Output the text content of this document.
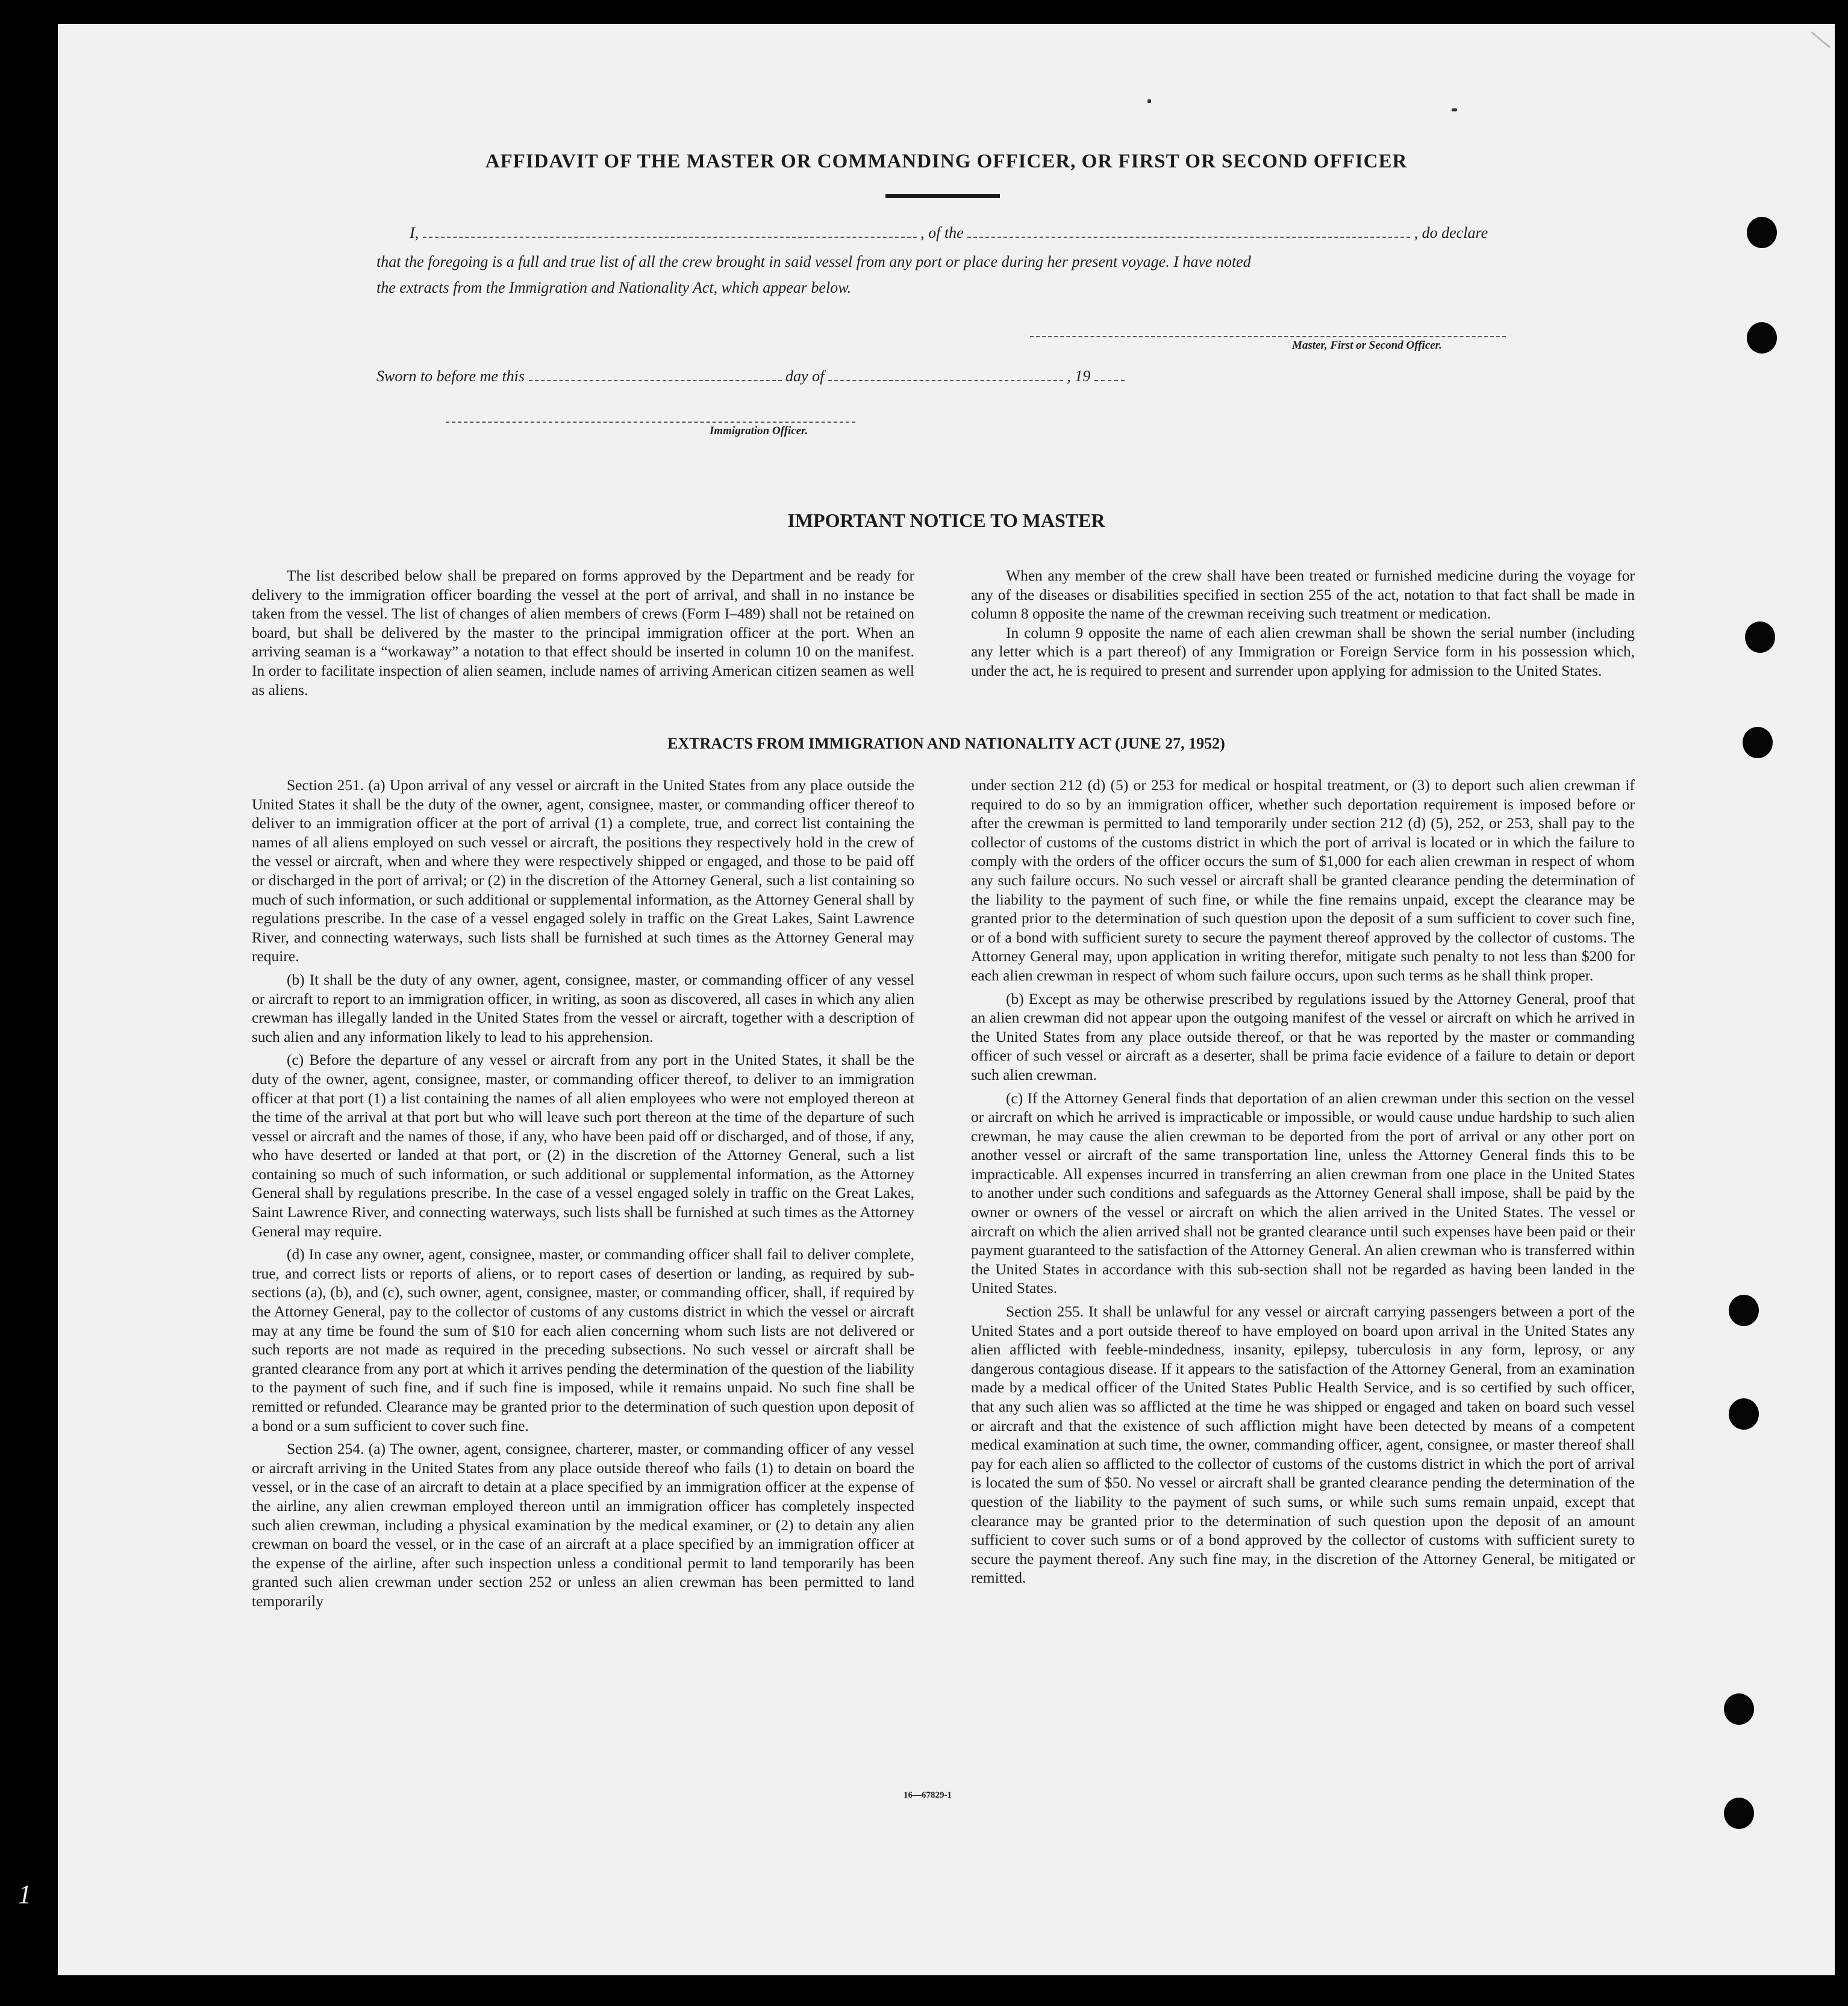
AFFIDAVIT OF THE MASTER OR COMMANDING OFFICER, OR FIRST OR SECOND OFFICER
I,	, of the	, do declare
that the foregoing is a full and true list of all the crew brought in said vessel from any port or place during her present voyage. I have noted
the extracts from the Immigration and Nationality Act, which appear below.
Master, First or Second Officer.
Sworn to before me this	day of	, 19
Immigration Officer.
IMPORTANT NOTICE TO MASTER

The list described below shall be prepared on forms approved by the Department and be ready for delivery to the immigration officer boarding the vessel at the port of arrival, and shall in no instance be taken from the vessel. The list of changes of alien members of crews (Form I–489) shall not be retained on board, but shall be delivered by the master to the principal immigration officer at the port. When an arriving seaman is a “workaway” a notation to that effect should be inserted in column 10 on the manifest. In order to facilitate inspection of alien seamen, include names of arriving American citizen seamen as well as aliens.

When any member of the crew shall have been treated or furnished medicine during the voyage for any of the diseases or disabilities specified in section 255 of the act, notation to that fact shall be made in column 8 opposite the name of the crewman receiving such treatment or medication.

In column 9 opposite the name of each alien crewman shall be shown the serial number (including any letter which is a part thereof) of any Immigration or Foreign Service form in his possession which, under the act, he is required to present and surrender upon applying for admission to the United States.

EXTRACTS FROM IMMIGRATION AND NATIONALITY ACT (JUNE 27, 1952)

Section 251. (a) Upon arrival of any vessel or aircraft in the United States from any place outside the United States it shall be the duty of the owner, agent, consignee, master, or commanding officer thereof to deliver to an immigration officer at the port of arrival (1) a complete, true, and correct list containing the names of all aliens employed on such vessel or aircraft, the positions they respectively hold in the crew of the vessel or aircraft, when and where they were respectively shipped or engaged, and those to be paid off or discharged in the port of arrival; or (2) in the discretion of the Attorney General, such a list containing so much of such information, or such additional or supplemental information, as the Attorney General shall by regulations prescribe. In the case of a vessel engaged solely in traffic on the Great Lakes, Saint Lawrence River, and connecting waterways, such lists shall be furnished at such times as the Attorney General may require.

(b) It shall be the duty of any owner, agent, consignee, master, or commanding officer of any vessel or aircraft to report to an immigration officer, in writing, as soon as discovered, all cases in which any alien crewman has illegally landed in the United States from the vessel or aircraft, together with a description of such alien and any information likely to lead to his apprehension.

(c) Before the departure of any vessel or aircraft from any port in the United States, it shall be the duty of the owner, agent, consignee, master, or commanding officer thereof, to deliver to an immigration officer at that port (1) a list containing the names of all alien employees who were not employed thereon at the time of the arrival at that port but who will leave such port thereon at the time of the departure of such vessel or aircraft and the names of those, if any, who have been paid off or discharged, and of those, if any, who have deserted or landed at that port, or (2) in the discretion of the Attorney General, such a list containing so much of such information, or such additional or supplemental information, as the Attorney General shall by regulations prescribe. In the case of a vessel engaged solely in traffic on the Great Lakes, Saint Lawrence River, and connecting waterways, such lists shall be furnished at such times as the Attorney General may require.

(d) In case any owner, agent, consignee, master, or commanding officer shall fail to deliver complete, true, and correct lists or reports of aliens, or to report cases of desertion or landing, as required by sub-sections (a), (b), and (c), such owner, agent, consignee, master, or commanding officer, shall, if required by the Attorney General, pay to the collector of customs of any customs district in which the vessel or aircraft may at any time be found the sum of $10 for each alien concerning whom such lists are not delivered or such reports are not made as required in the preceding subsections. No such vessel or aircraft shall be granted clearance from any port at which it arrives pending the determination of the question of the liability to the payment of such fine, and if such fine is imposed, while it remains unpaid. No such fine shall be remitted or refunded. Clearance may be granted prior to the determination of such question upon deposit of a bond or a sum sufficient to cover such fine.

Section 254. (a) The owner, agent, consignee, charterer, master, or commanding officer of any vessel or aircraft arriving in the United States from any place outside thereof who fails (1) to detain on board the vessel, or in the case of an aircraft to detain at a place specified by an immigration officer at the expense of the airline, any alien crewman employed thereon until an immigration officer has completely inspected such alien crewman, including a physical examination by the medical examiner, or (2) to detain any alien crewman on board the vessel, or in the case of an aircraft at a place specified by an immigration officer at the expense of the airline, after such inspection unless a conditional permit to land temporarily has been granted such alien crewman under section 252 or unless an alien crewman has been permitted to land temporarily

under section 212 (d) (5) or 253 for medical or hospital treatment, or (3) to deport such alien crewman if required to do so by an immigration officer, whether such deportation requirement is imposed before or after the crewman is permitted to land temporarily under section 212 (d) (5), 252, or 253, shall pay to the collector of customs of the customs district in which the port of arrival is located or in which the failure to comply with the orders of the officer occurs the sum of $1,000 for each alien crewman in respect of whom any such failure occurs. No such vessel or aircraft shall be granted clearance pending the determination of the liability to the payment of such fine, or while the fine remains unpaid, except the clearance may be granted prior to the determination of such question upon the deposit of a sum sufficient to cover such fine, or of a bond with sufficient surety to secure the payment thereof approved by the collector of customs. The Attorney General may, upon application in writing therefor, mitigate such penalty to not less than $200 for each alien crewman in respect of whom such failure occurs, upon such terms as he shall think proper.

(b) Except as may be otherwise prescribed by regulations issued by the Attorney General, proof that an alien crewman did not appear upon the outgoing manifest of the vessel or aircraft on which he arrived in the United States from any place outside thereof, or that he was reported by the master or commanding officer of such vessel or aircraft as a deserter, shall be prima facie evidence of a failure to detain or deport such alien crewman.

(c) If the Attorney General finds that deportation of an alien crewman under this section on the vessel or aircraft on which he arrived is impracticable or impossible, or would cause undue hardship to such alien crewman, he may cause the alien crewman to be deported from the port of arrival or any other port on another vessel or aircraft of the same transportation line, unless the Attorney General finds this to be impracticable. All expenses incurred in transferring an alien crewman from one place in the United States to another under such conditions and safeguards as the Attorney General shall impose, shall be paid by the owner or owners of the vessel or aircraft on which the alien arrived in the United States. The vessel or aircraft on which the alien arrived shall not be granted clearance until such expenses have been paid or their payment guaranteed to the satisfaction of the Attorney General. An alien crewman who is transferred within the United States in accordance with this sub-section shall not be regarded as having been landed in the United States.

Section 255. It shall be unlawful for any vessel or aircraft carrying passengers between a port of the United States and a port outside thereof to have employed on board upon arrival in the United States any alien afflicted with feeble-mindedness, insanity, epilepsy, tuberculosis in any form, leprosy, or any dangerous contagious disease. If it appears to the satisfaction of the Attorney General, from an examination made by a medical officer of the United States Public Health Service, and is so certified by such officer, that any such alien was so afflicted at the time he was shipped or engaged and taken on board such vessel or aircraft and that the existence of such affliction might have been detected by means of a competent medical examination at such time, the owner, commanding officer, agent, consignee, or master thereof shall pay for each alien so afflicted to the collector of customs of the customs district in which the port of arrival is located the sum of $50. No vessel or aircraft shall be granted clearance pending the determination of the question of the liability to the payment of such sums, or while such sums remain unpaid, except that clearance may be granted prior to the determination of such question upon the deposit of an amount sufficient to cover such sums or of a bond approved by the collector of customs with sufficient surety to secure the payment thereof. Any such fine may, in the discretion of the Attorney General, be mitigated or remitted.

16—67829-1
1
